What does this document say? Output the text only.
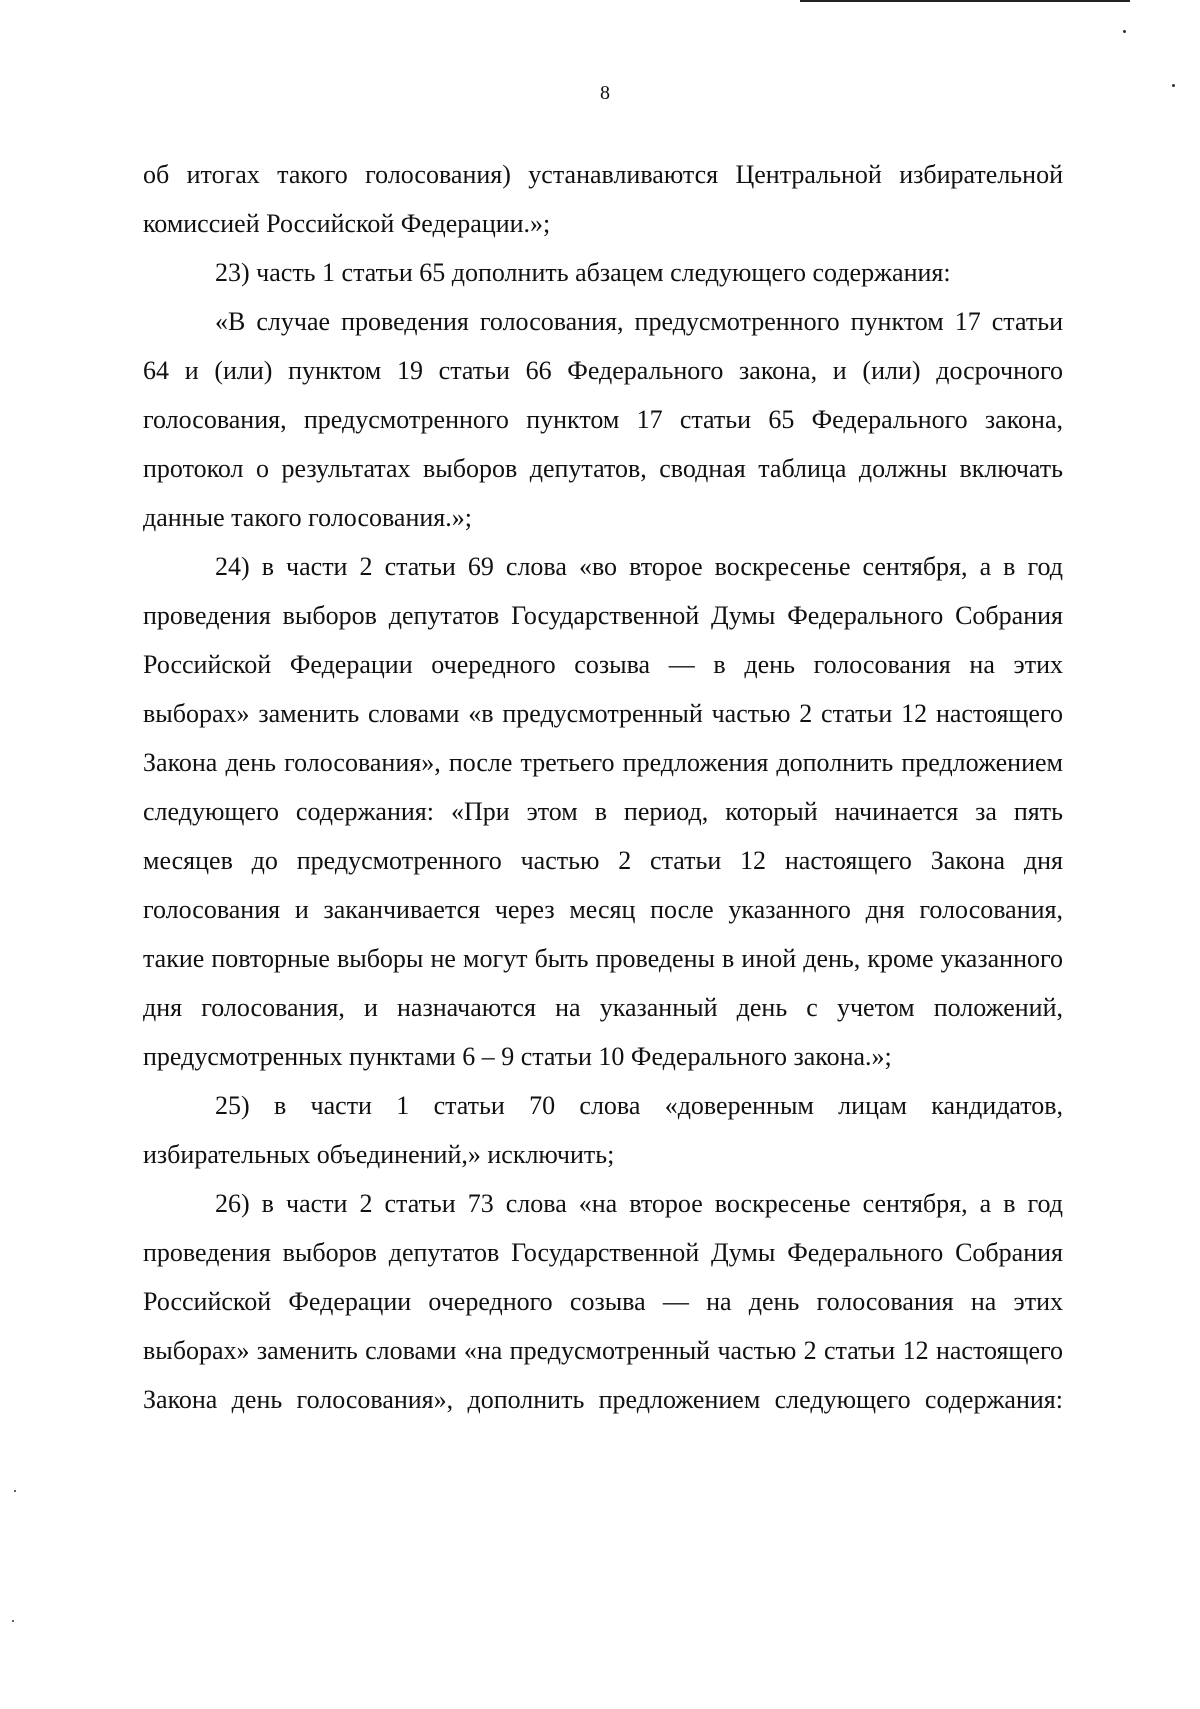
8

об итогах такого голосования) устанавливаются Центральной избирательной комиссией Российской Федерации.»;

23) часть 1 статьи 65 дополнить абзацем следующего содержания:

«В случае проведения голосования, предусмотренного пунктом 17 статьи 64 и (или) пунктом 19 статьи 66 Федерального закона, и (или) досрочного голосования, предусмотренного пунктом 17 статьи 65 Федерального закона, протокол о результатах выборов депутатов, сводная таблица должны включать данные такого голосования.»;

24) в части 2 статьи 69 слова «во второе воскресенье сентября, а в год проведения выборов депутатов Государственной Думы Федерального Собрания Российской Федерации очередного созыва — в день голосования на этих выборах» заменить словами «в предусмотренный частью 2 статьи 12 настоящего Закона день голосования», после третьего предложения дополнить предложением следующего содержания: «При этом в период, который начинается за пять месяцев до предусмотренного частью 2 статьи 12 настоящего Закона дня голосования и заканчивается через месяц после указанного дня голосования, такие повторные выборы не могут быть проведены в иной день, кроме указанного дня голосования, и назначаются на указанный день с учетом положений, предусмотренных пунктами 6 – 9 статьи 10 Федерального закона.»;

25) в части 1 статьи 70 слова «доверенным лицам кандидатов, избирательных объединений,» исключить;

26) в части 2 статьи 73 слова «на второе воскресенье сентября, а в год проведения выборов депутатов Государственной Думы Федерального Собрания Российской Федерации очередного созыва — на день голосования на этих выборах» заменить словами «на предусмотренный частью 2 статьи 12 настоящего Закона день голосования», дополнить предложением следующего содержания:
